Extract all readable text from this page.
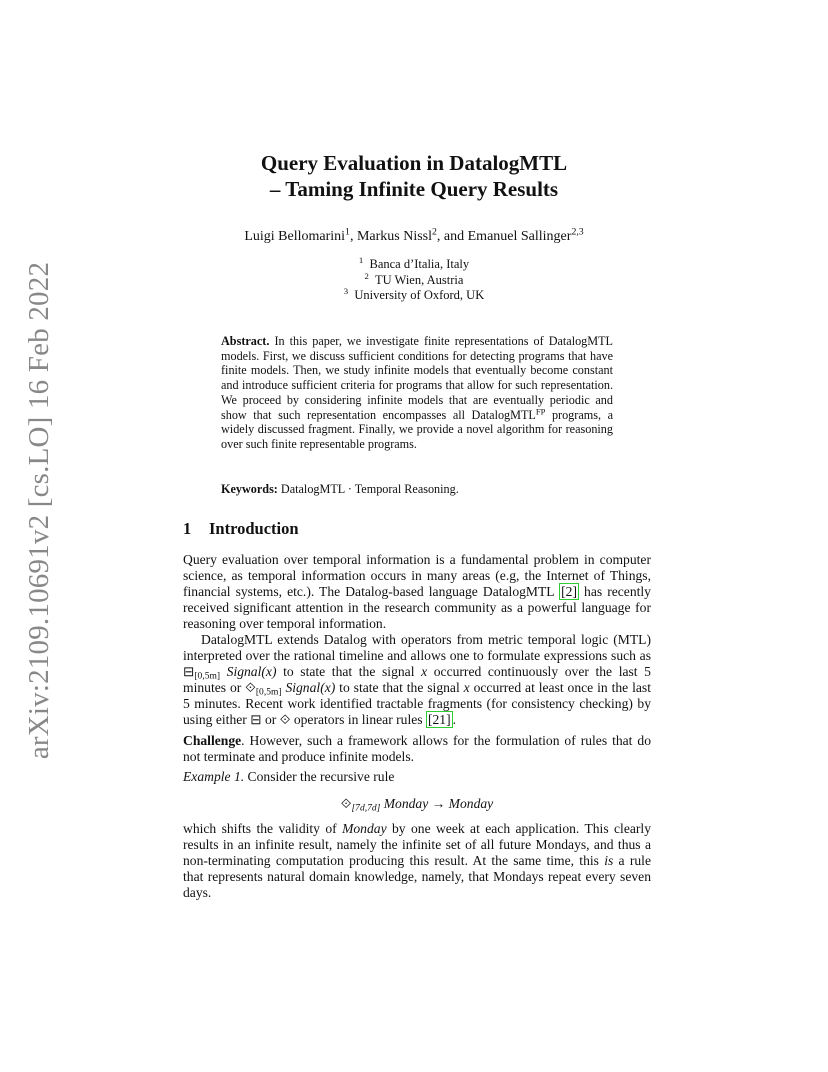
arXiv:2109.10691v2 [cs.LO] 16 Feb 2022
Query Evaluation in DatalogMTL
– Taming Infinite Query Results
Luigi Bellomarini$^1$, Markus Nissl$^2$, and Emanuel Sallinger$^{2,3}$
$^1$ Banca d’Italia, Italy
$^2$ TU Wien, Austria
$^3$ University of Oxford, UK
Abstract. In this paper, we investigate finite representations of DatalogMTL models. First, we discuss sufficient conditions for detecting programs that have finite models. Then, we study infinite models that eventually become constant and introduce sufficient criteria for programs that allow for such representation. We proceed by considering infinite models that are eventually periodic and show that such representation encompasses all DatalogMTL$^{FP}$ programs, a widely discussed fragment. Finally, we provide a novel algorithm for reasoning over such finite representable programs.
Keywords: DatalogMTL · Temporal Reasoning.
1 Introduction

Query evaluation over temporal information is a fundamental problem in computer science, as temporal information occurs in many areas (e.g, the Internet of Things, financial systems, etc.). The Datalog-based language DatalogMTL [2] has recently received significant attention in the research community as a powerful language for reasoning over temporal information.

DatalogMTL extends Datalog with operators from metric temporal logic (MTL) interpreted over the rational timeline and allows one to formulate expressions such as $⊟_{[0,5m]}$ Signal(x) to state that the signal x occurred continuously over the last 5 minutes or $⟐_{[0,5m]}$ Signal(x) to state that the signal x occurred at least once in the last 5 minutes. Recent work identified tractable fragments (for consistency checking) by using either ⊟ or ⟐ operators in linear rules [21] .

Challenge. However, such a framework allows for the formulation of rules that do not terminate and produce infinite models.

Example 1. Consider the recursive rule

$⟐_{[7d,7d]}$ Monday → Monday

which shifts the validity of Monday by one week at each application. This clearly results in an infinite result, namely the infinite set of all future Mondays, and thus a non-terminating computation producing this result. At the same time, this is a rule that represents natural domain knowledge, namely, that Mondays repeat every seven days.
